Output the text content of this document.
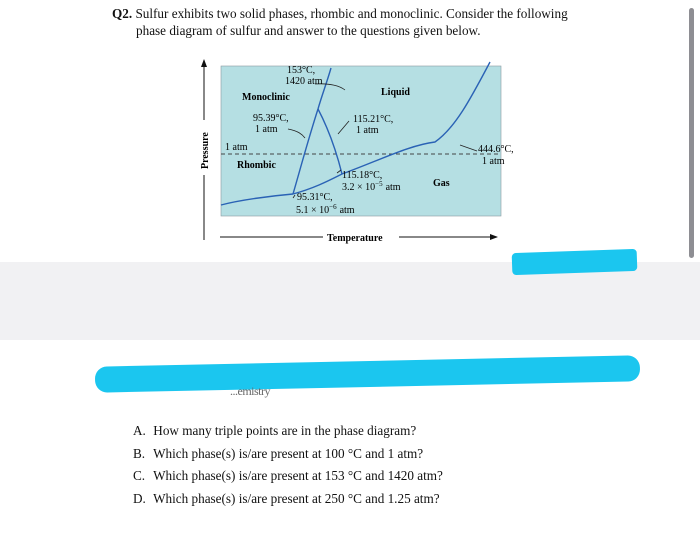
Q2. Sulfur exhibits two solid phases, rhombic and monoclinic. Consider the following
phase diagram of sulfur and answer to the questions given below.
153°C,
1420 atm
Monoclinic	Liquid
95.39°C,
1 atm
115.21°C,
1 atm
1 atm	444.6°C,
1 atm
Rhombic
115.18°C,
$3.2 \times 10^{-5}$ atm	Gas
95.31°C,
$5.1 \times 10^{-6}$ atm
Pressure
Temperature
...emistry
A. How many triple points are in the phase diagram?
B. Which phase(s) is/are present at 100 °C and 1 atm?
C. Which phase(s) is/are present at 153 °C and 1420 atm?
D. Which phase(s) is/are present at 250 °C and 1.25 atm?
